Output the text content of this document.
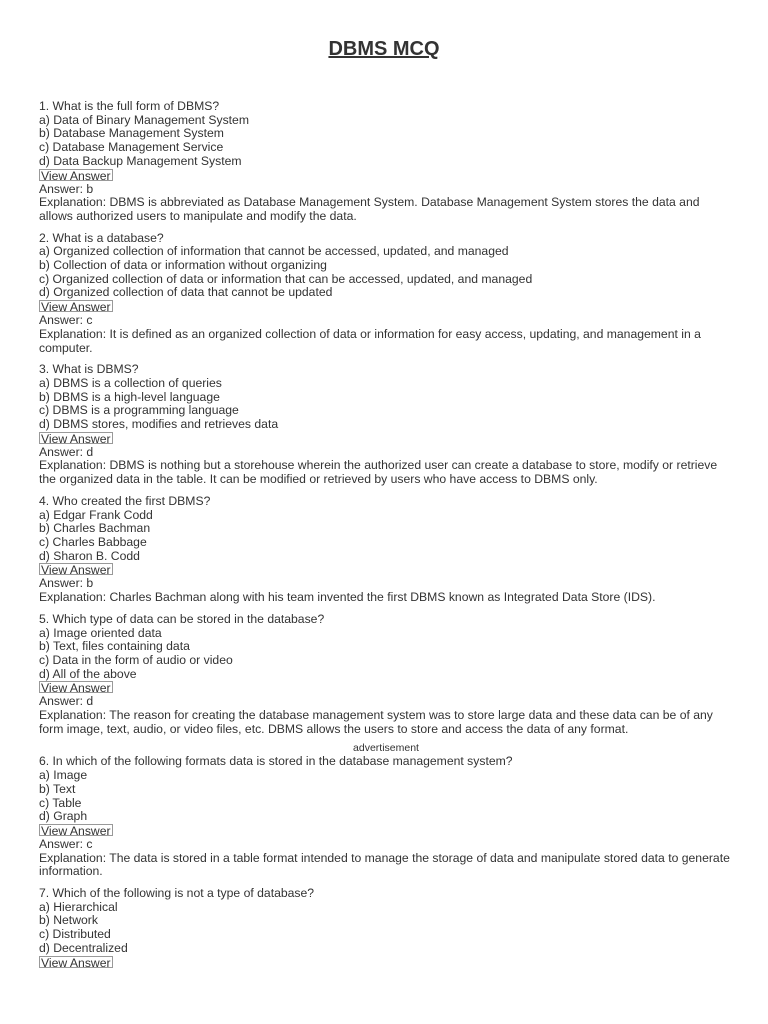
DBMS MCQ
1. What is the full form of DBMS?
a) Data of Binary Management System
b) Database Management System
c) Database Management Service
d) Data Backup Management System
View Answer
Answer: b
Explanation: DBMS is abbreviated as Database Management System. Database Management System stores the data and allows authorized users to manipulate and modify the data.
2. What is a database?
a) Organized collection of information that cannot be accessed, updated, and managed
b) Collection of data or information without organizing
c) Organized collection of data or information that can be accessed, updated, and managed
d) Organized collection of data that cannot be updated
View Answer
Answer: c
Explanation: It is defined as an organized collection of data or information for easy access, updating, and management in a computer.
3. What is DBMS?
a) DBMS is a collection of queries
b) DBMS is a high-level language
c) DBMS is a programming language
d) DBMS stores, modifies and retrieves data
View Answer
Answer: d
Explanation: DBMS is nothing but a storehouse wherein the authorized user can create a database to store, modify or retrieve the organized data in the table. It can be modified or retrieved by users who have access to DBMS only.
4. Who created the first DBMS?
a) Edgar Frank Codd
b) Charles Bachman
c) Charles Babbage
d) Sharon B. Codd
View Answer
Answer: b
Explanation: Charles Bachman along with his team invented the first DBMS known as Integrated Data Store (IDS).
5. Which type of data can be stored in the database?
a) Image oriented data
b) Text, files containing data
c) Data in the form of audio or video
d) All of the above
View Answer
Answer: d
Explanation: The reason for creating the database management system was to store large data and these data can be of any form image, text, audio, or video files, etc. DBMS allows the users to store and access the data of any format.
advertisement
6. In which of the following formats data is stored in the database management system?
a) Image
b) Text
c) Table
d) Graph
View Answer
Answer: c
Explanation: The data is stored in a table format intended to manage the storage of data and manipulate stored data to generate information.
7. Which of the following is not a type of database?
a) Hierarchical
b) Network
c) Distributed
d) Decentralized
View Answer
